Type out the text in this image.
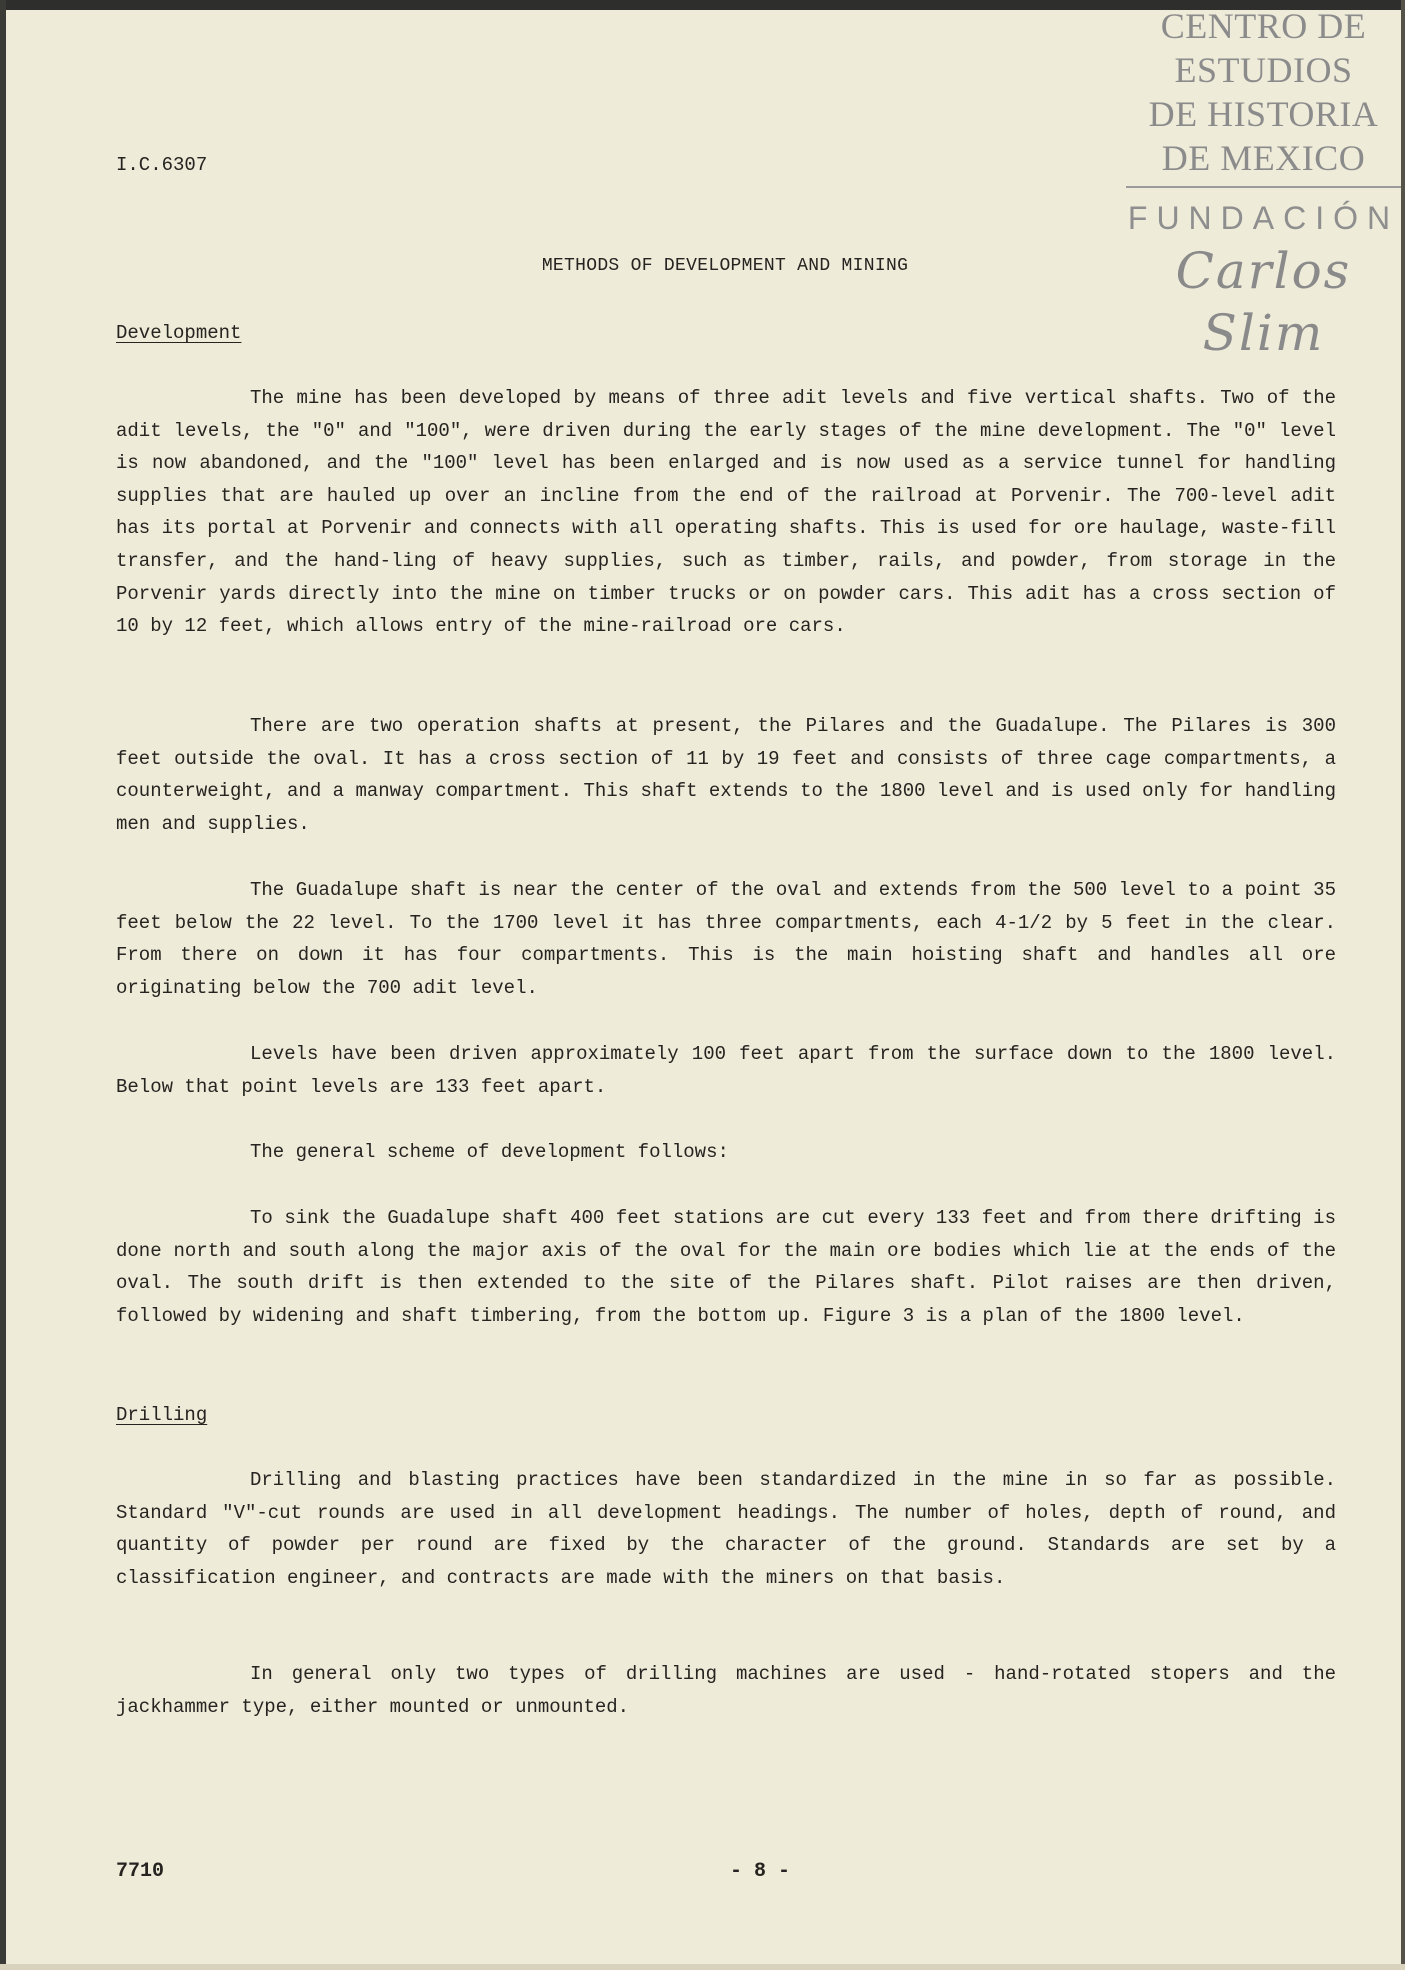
CENTRO DE
ESTUDIOS
DE HISTORIA
DE MEXICO
FUNDACIÓN
Carlos Slim
I.C.6307
METHODS OF DEVELOPMENT AND MINING
Development

The mine has been developed by means of three adit levels and five vertical shafts. Two of the adit levels, the "0" and "100", were driven during the early stages of the mine development. The "0" level is now abandoned, and the "100" level has been enlarged and is now used as a service tunnel for handling supplies that are hauled up over an incline from the end of the railroad at Porvenir. The 700-level adit has its portal at Porvenir and connects with all operating shafts. This is used for ore haulage, waste-fill transfer, and the hand-ling of heavy supplies, such as timber, rails, and powder, from storage in the Porvenir yards directly into the mine on timber trucks or on powder cars. This adit has a cross section of 10 by 12 feet, which allows entry of the mine-railroad ore cars.

There are two operation shafts at present, the Pilares and the Guadalupe. The Pilares is 300 feet outside the oval. It has a cross section of 11 by 19 feet and consists of three cage compartments, a counterweight, and a manway compartment. This shaft extends to the 1800 level and is used only for handling men and supplies.

The Guadalupe shaft is near the center of the oval and extends from the 500 level to a point 35 feet below the 22 level. To the 1700 level it has three compartments, each 4-1/2 by 5 feet in the clear. From there on down it has four compartments. This is the main hoisting shaft and handles all ore originating below the 700 adit level.

Levels have been driven approximately 100 feet apart from the surface down to the 1800 level. Below that point levels are 133 feet apart.

The general scheme of development follows:

To sink the Guadalupe shaft 400 feet stations are cut every 133 feet and from there drifting is done north and south along the major axis of the oval for the main ore bodies which lie at the ends of the oval. The south drift is then extended to the site of the Pilares shaft. Pilot raises are then driven, followed by widening and shaft timbering, from the bottom up. Figure 3 is a plan of the 1800 level.

Drilling

Drilling and blasting practices have been standardized in the mine in so far as possible. Standard "V"-cut rounds are used in all development headings. The number of holes, depth of round, and quantity of powder per round are fixed by the character of the ground. Standards are set by a classification engineer, and contracts are made with the miners on that basis.

In general only two types of drilling machines are used - hand-rotated stopers and the jackhammer type, either mounted or unmounted.

7710	- 8 -
